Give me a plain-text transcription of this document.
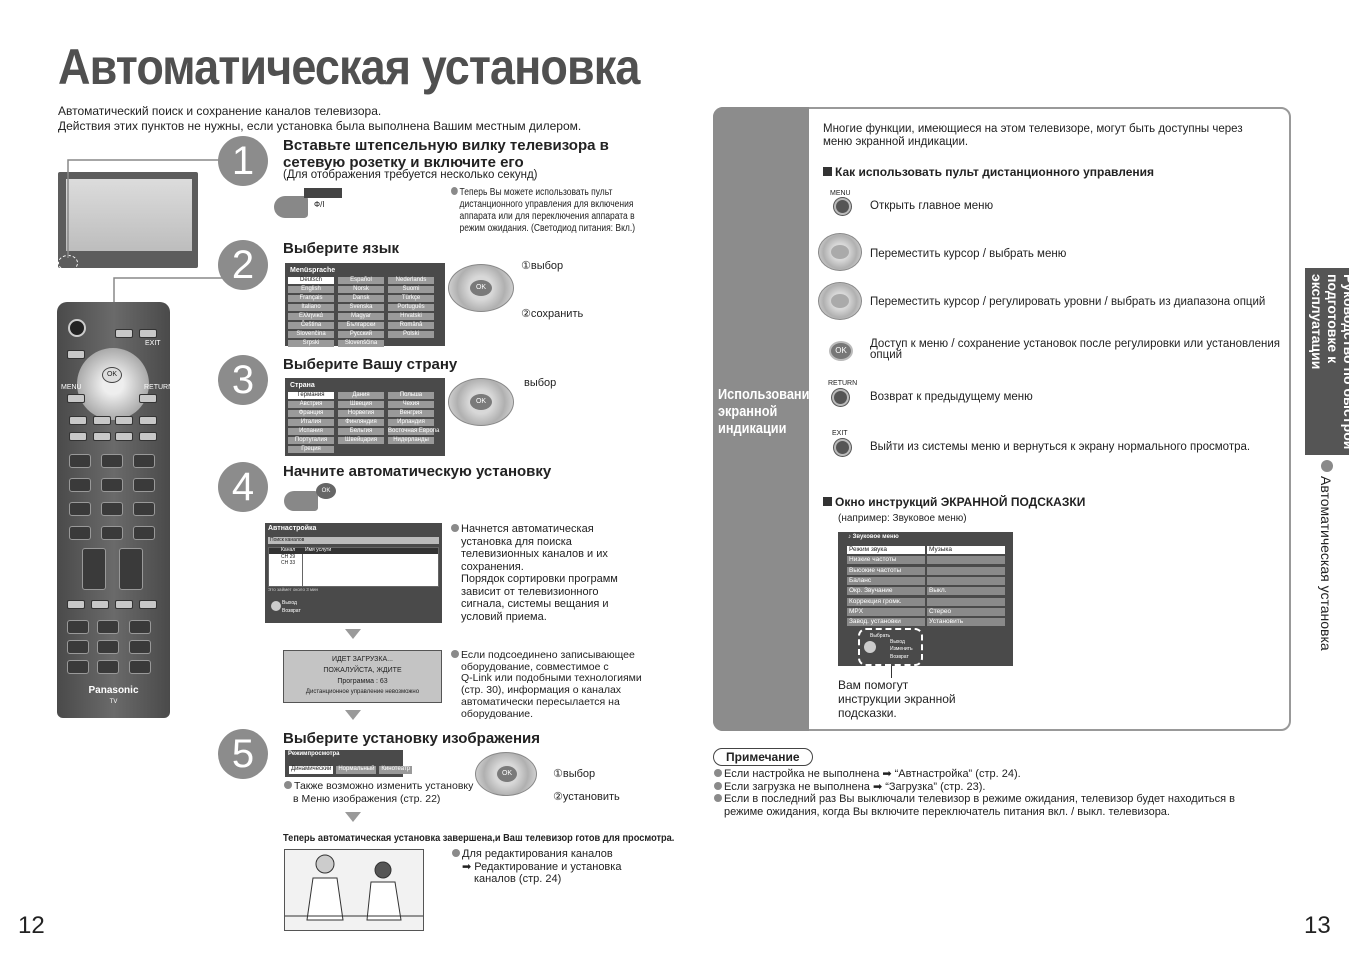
Автоматическая установка
Автоматический поиск и сохранение каналов телевизора.
Действия этих пунктов не нужны, если установка была выполнена Вашим местным дилером.
EXIT
OK
MENU	RETURN
Panasonic
TV
1	Вставьте штепсельную вилку телевизора в
сетевую розетку и включите его
(Для отображения требуется несколько секунд)
Ф/I
Теперь Вы можете использовать пульт
дистанционного управления для включения
аппарата или для переключения аппарата в
режим ожидания. (Светодиод питания: Вкл.)
2	Выберите язык
Menüsprache
Deutsch	Español	Nederlands
English	Norsk	Suomi
Français	Dansk	Türkçe
Italiano	Svenska	Português
Ελληνικά	Magyar	Hrvatski
Čeština	Български	Română
Slovenčina	Русский	Polski
Srpski	Slovenščina
OK
①выбор
②сохранить
3	Выберите Вашу страну
Страна
Германия	Дания	Польша
Австрия	Швеция	Чехия
Франция	Норвегия	Венгрия
Италия	Финляндия	Ирландия
Испания	Бельгия	Восточная Европа
Португалия	Швейцария	Нидерланды
Греция
OK
выбор
4	Начните автоматическую установку
OK
Автнастройка
Поиск каналов
Канал Имя услуги
CH 29
CH 33
Это займет около 3 мин
Выход
Возврат
Начнется автоматическая
установка для поиска
телевизионных каналов и их
сохранения.
Порядок сортировки программ
зависит от телевизионного
сигнала, системы вещания и
условий приема.
ИДЕТ ЗАГРУЗКА...
ПОЖАЛУЙСТА, ЖДИТЕ
Программа : 63
Дистанционное управление невозможно
Если подсоединено записывающее
оборудование, совместимое с
Q-Link или подобными технологиями
(стр. 30), информация о каналах
автоматически пересылается на
оборудование.
5	Выберите установку изображения
Режимпросмотра
Динамический	Нормальный	Кинотеатр
OK	①выбор
②установить
Также возможно изменить установку
в Меню изображения (стр. 22)
Теперь автоматическая установка завершена,и Ваш телевизор готов для просмотра.
Для редактирования каналов
➡ Редактирование и установка
каналов (стр. 24)
12
Использование
экранной
индикации
Многие функции, имеющиеся на этом телевизоре, могут быть доступны через
меню экранной индикации.
Как использовать пульт дистанционного управления
MENU
Открыть главное меню
Переместить курсор / выбрать меню
Переместить курсор / регулировать уровни / выбрать из диапазона опций
OK
Доступ к меню / сохранение установок после регулировки или установления
опций
RETURN
Возврат к предыдущему меню
EXIT
Выйти из системы меню и вернуться к экрану нормального просмотра.
Окно инструкций ЭКРАННОЙ ПОДСКАЗКИ
(например: Звуковое меню)
♪ Звуковое меню
Режим звука	Музыка
Низкие частоты
Высокие частоты
Баланс
Окр. Звучание	Выкл.
Коррекция громк.
MPX	Стерео
Завод. установки	Установить
Выбрать
Выход
Изменить
Возврат
Вам помогут
инструкции экранной
подсказки.
Руководство по быстрой
подготовке к эксплуатации
Автоматическая установка
Примечание
Если настройка не выполнена ➡ “Автнастройка” (стр. 24).
Если загрузка не выполнена ➡ “Загрузка” (стр. 23).
Если в последний раз Вы выключали телевизор в режиме ожидания, телевизор будет находиться в
режиме ожидания, когда Вы включите переключатель питания вкл. / выкл. телевизора.
13
